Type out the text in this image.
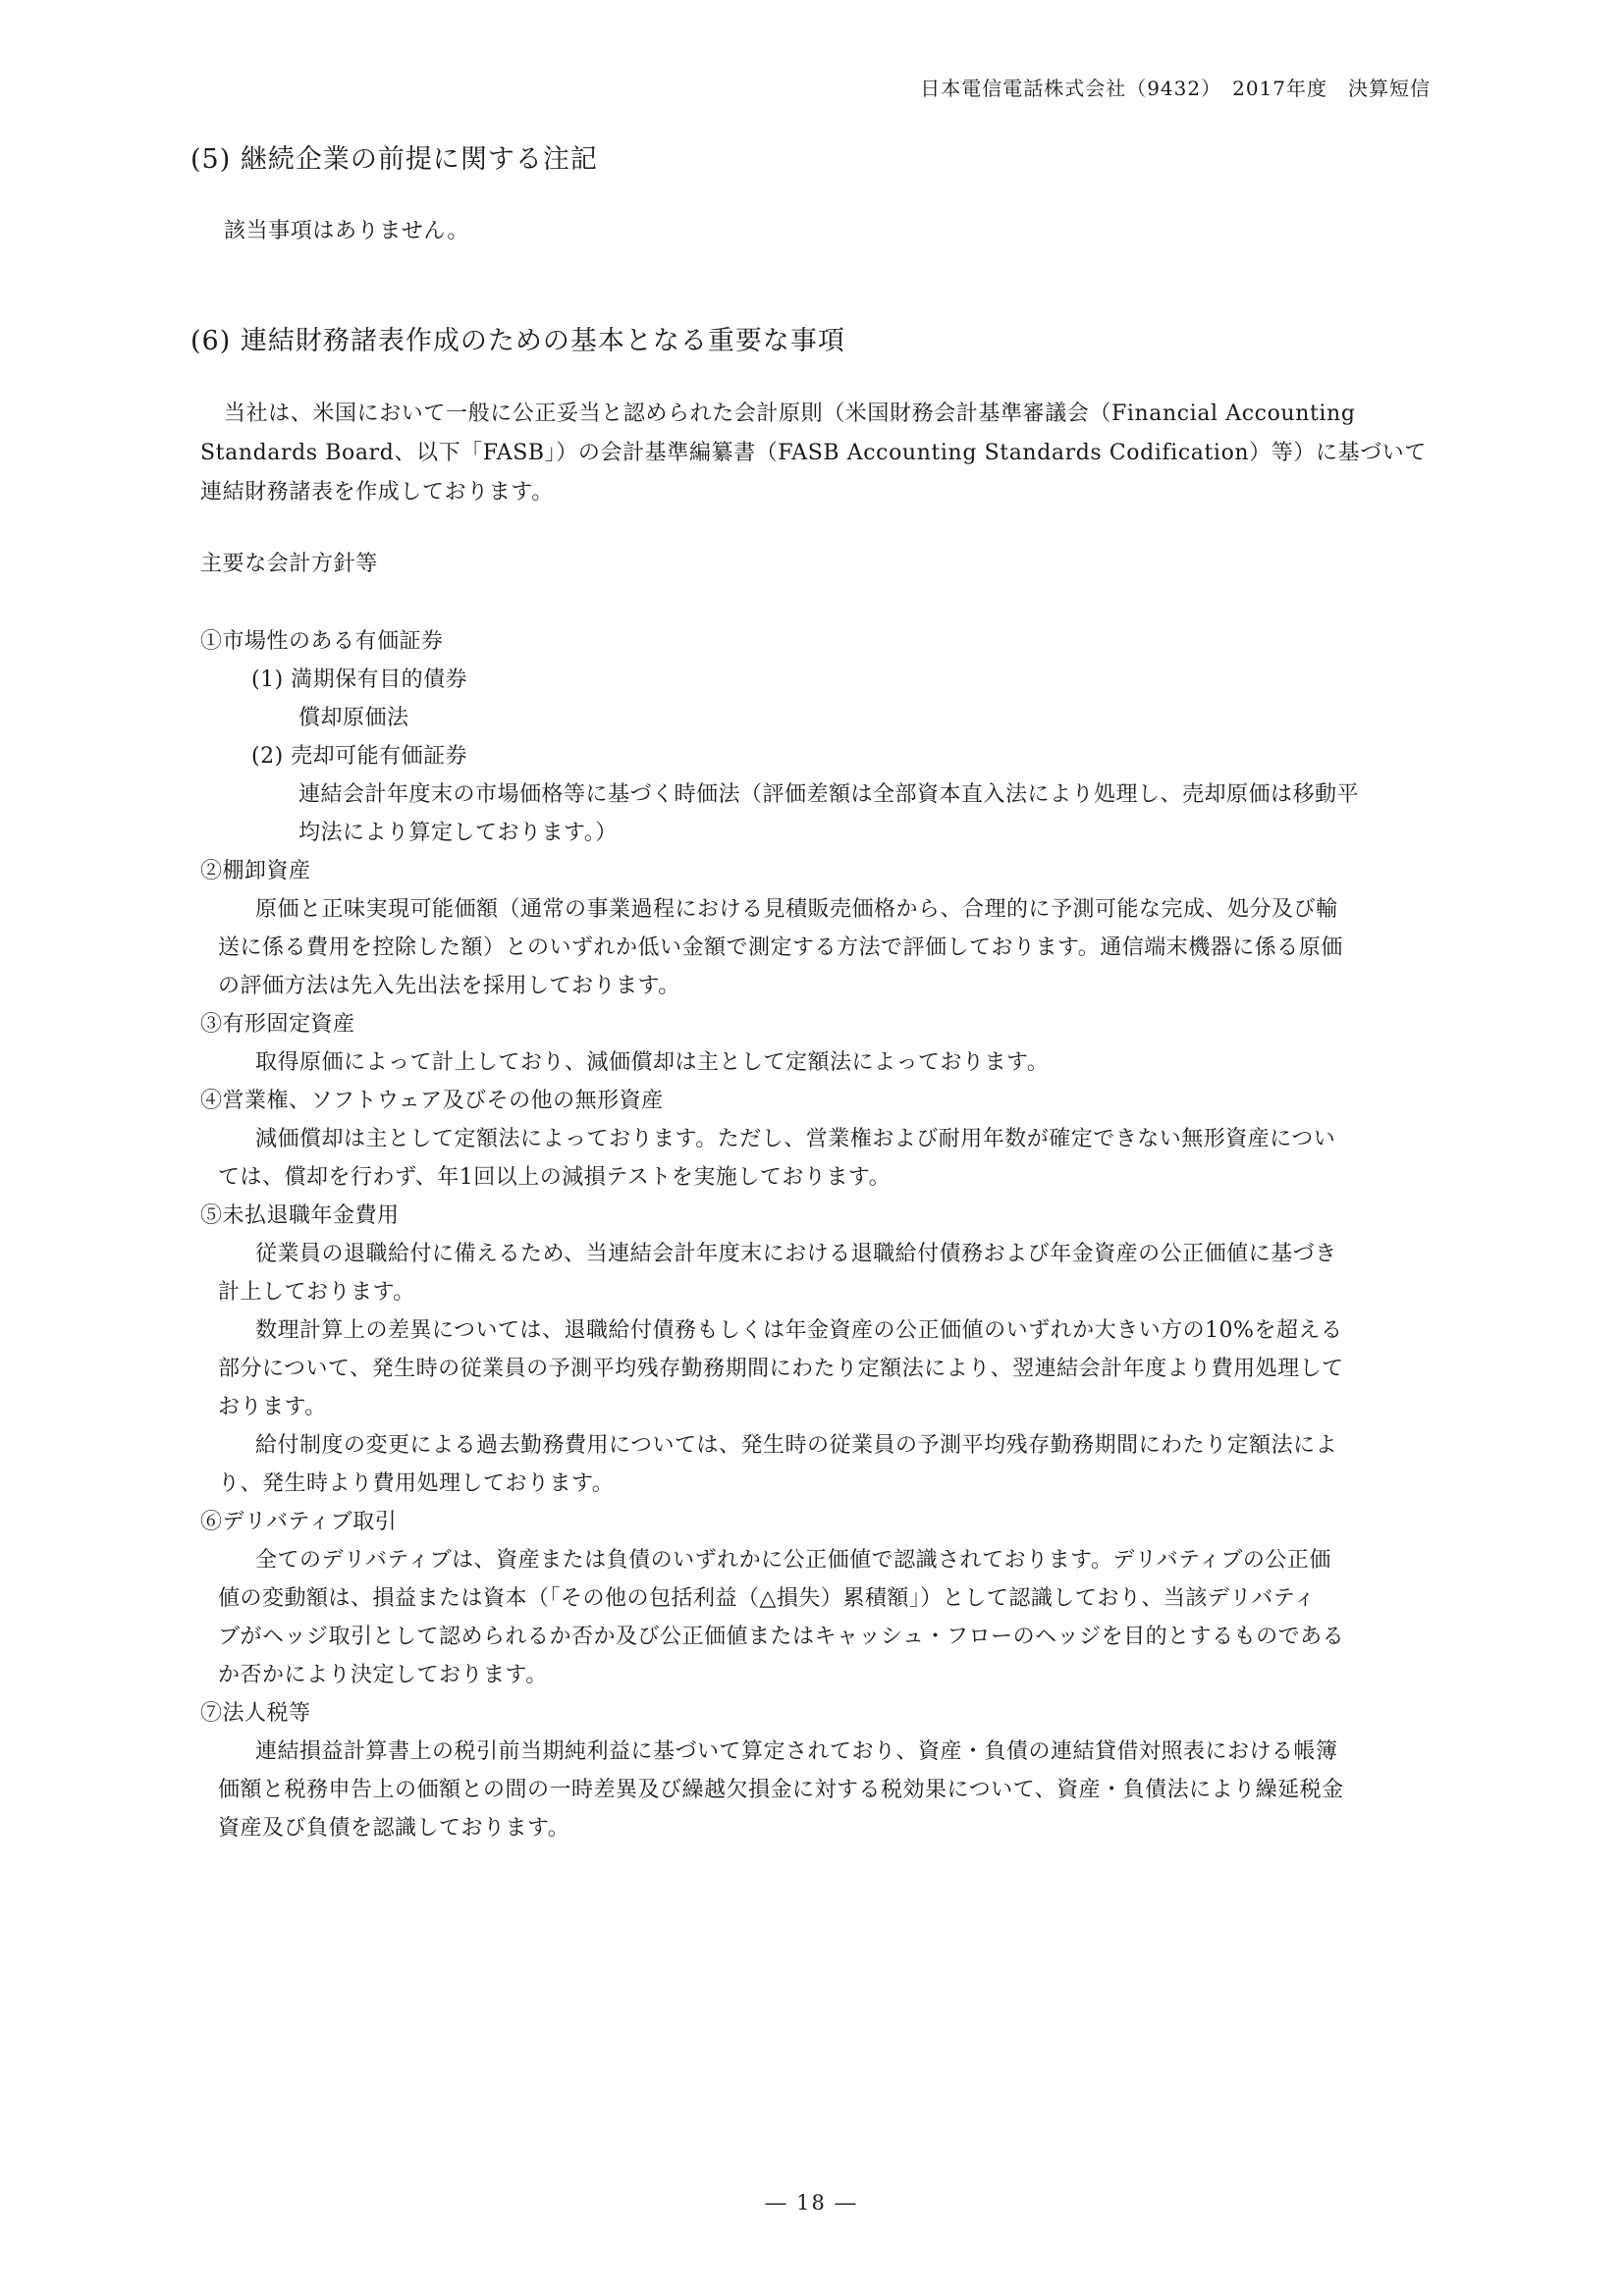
日本電信電話株式会社（9432）　2017年度　決算短信
(5) 継続企業の前提に関する注記
該当事項はありません。
(6) 連結財務諸表作成のための基本となる重要な事項

当社は、米国において一般に公正妥当と認められた会計原則（米国財務会計基準審議会（Financial Accounting

Standards Board、以下「FASB」）の会計基準編纂書（FASB Accounting Standards Codification）等）に基づいて

連結財務諸表を作成しております。

主要な会計方針等

①市場性のある有価証券

(1) 満期保有目的債券

償却原価法

(2) 売却可能有価証券

連結会計年度末の市場価格等に基づく時価法（評価差額は全部資本直入法により処理し、売却原価は移動平

均法により算定しております。）

②棚卸資産

原価と正味実現可能価額（通常の事業過程における見積販売価格から、合理的に予測可能な完成、処分及び輸

送に係る費用を控除した額）とのいずれか低い金額で測定する方法で評価しております。通信端末機器に係る原価

の評価方法は先入先出法を採用しております。

③有形固定資産

取得原価によって計上しており、減価償却は主として定額法によっております。

④営業権、ソフトウェア及びその他の無形資産

減価償却は主として定額法によっております。ただし、営業権および耐用年数が確定できない無形資産につい

ては、償却を行わず、年1回以上の減損テストを実施しております。

⑤未払退職年金費用

従業員の退職給付に備えるため、当連結会計年度末における退職給付債務および年金資産の公正価値に基づき

計上しております。

数理計算上の差異については、退職給付債務もしくは年金資産の公正価値のいずれか大きい方の10%を超える

部分について、発生時の従業員の予測平均残存勤務期間にわたり定額法により、翌連結会計年度より費用処理して

おります。

給付制度の変更による過去勤務費用については、発生時の従業員の予測平均残存勤務期間にわたり定額法によ

り、発生時より費用処理しております。

⑥デリバティブ取引

全てのデリバティブは、資産または負債のいずれかに公正価値で認識されております。デリバティブの公正価

値の変動額は、損益または資本（「その他の包括利益（△損失）累積額」）として認識しており、当該デリバティ

ブがヘッジ取引として認められるか否か及び公正価値またはキャッシュ・フローのヘッジを目的とするものである

か否かにより決定しております。

⑦法人税等

連結損益計算書上の税引前当期純利益に基づいて算定されており、資産・負債の連結貸借対照表における帳簿

価額と税務申告上の価額との間の一時差異及び繰越欠損金に対する税効果について、資産・負債法により繰延税金

資産及び負債を認識しております。

― 18 ―
